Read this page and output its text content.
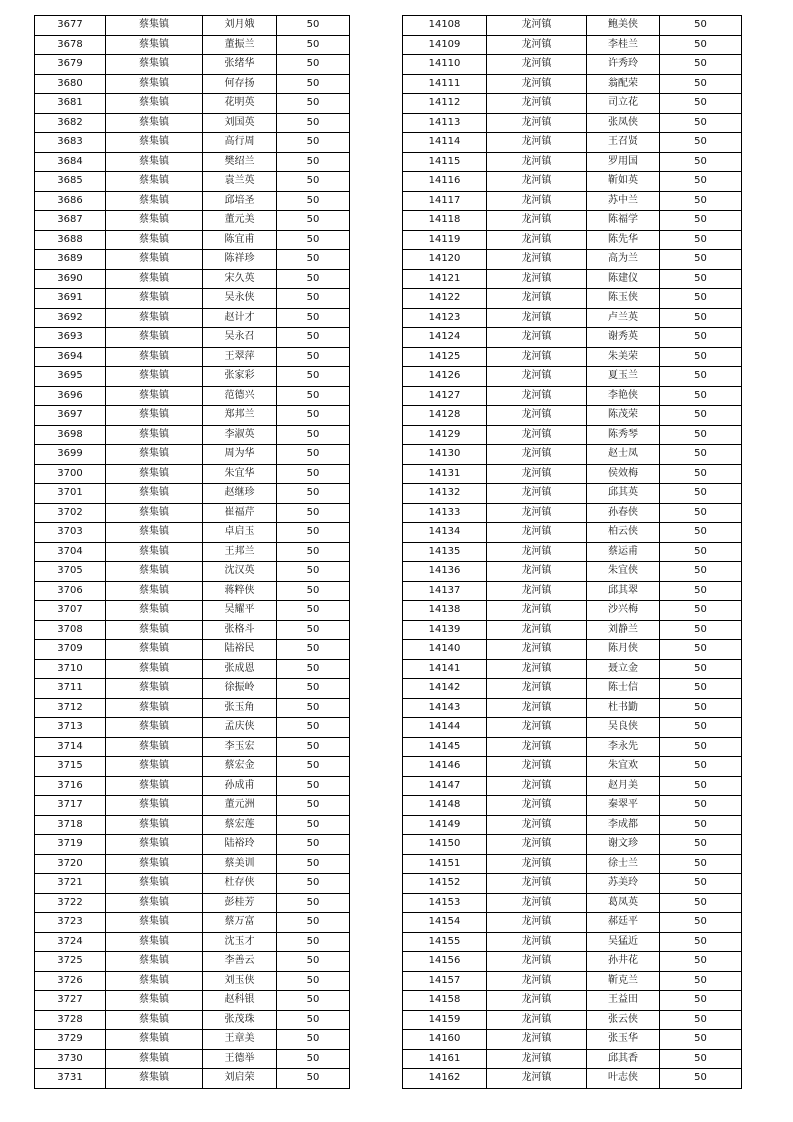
3677	蔡集镇	刘月娥	50
3678	蔡集镇	董振兰	50
3679	蔡集镇	张绪华	50
3680	蔡集镇	何存扬	50
3681	蔡集镇	花明英	50
3682	蔡集镇	刘国英	50
3683	蔡集镇	高行周	50
3684	蔡集镇	樊绍兰	50
3685	蔡集镇	袁兰英	50
3686	蔡集镇	邱培圣	50
3687	蔡集镇	董元美	50
3688	蔡集镇	陈宜甫	50
3689	蔡集镇	陈祥珍	50
3690	蔡集镇	宋久英	50
3691	蔡集镇	吴永侠	50
3692	蔡集镇	赵计才	50
3693	蔡集镇	吴永召	50
3694	蔡集镇	王翠萍	50
3695	蔡集镇	张家彩	50
3696	蔡集镇	范德兴	50
3697	蔡集镇	郑邦兰	50
3698	蔡集镇	李淑英	50
3699	蔡集镇	周为华	50
3700	蔡集镇	朱宜华	50
3701	蔡集镇	赵继珍	50
3702	蔡集镇	崔福芹	50
3703	蔡集镇	卓启玉	50
3704	蔡集镇	王邦兰	50
3705	蔡集镇	沈汉英	50
3706	蔡集镇	蒋粹侠	50
3707	蔡集镇	吴耀平	50
3708	蔡集镇	张格斗	50
3709	蔡集镇	陆裕民	50
3710	蔡集镇	张成恩	50
3711	蔡集镇	徐振岭	50
3712	蔡集镇	张玉角	50
3713	蔡集镇	孟庆侠	50
3714	蔡集镇	李玉宏	50
3715	蔡集镇	蔡宏金	50
3716	蔡集镇	孙成甫	50
3717	蔡集镇	董元洲	50
3718	蔡集镇	蔡宏莲	50
3719	蔡集镇	陆裕玲	50
3720	蔡集镇	蔡美训	50
3721	蔡集镇	杜存侠	50
3722	蔡集镇	彭桂芳	50
3723	蔡集镇	蔡万富	50
3724	蔡集镇	沈玉才	50
3725	蔡集镇	李善云	50
3726	蔡集镇	刘玉侠	50
3727	蔡集镇	赵科银	50
3728	蔡集镇	张茂珠	50
3729	蔡集镇	王章美	50
3730	蔡集镇	王德举	50
3731	蔡集镇	刘启荣	50
14108	龙河镇	鲍美侠	50
14109	龙河镇	李桂兰	50
14110	龙河镇	许秀玲	50
14111	龙河镇	翁配荣	50
14112	龙河镇	司立花	50
14113	龙河镇	张凤侠	50
14114	龙河镇	王召贤	50
14115	龙河镇	罗用国	50
14116	龙河镇	靳如英	50
14117	龙河镇	苏中兰	50
14118	龙河镇	陈福学	50
14119	龙河镇	陈先华	50
14120	龙河镇	高为兰	50
14121	龙河镇	陈建仪	50
14122	龙河镇	陈玉侠	50
14123	龙河镇	卢兰英	50
14124	龙河镇	谢秀英	50
14125	龙河镇	朱美荣	50
14126	龙河镇	夏玉兰	50
14127	龙河镇	李艳侠	50
14128	龙河镇	陈茂荣	50
14129	龙河镇	陈秀琴	50
14130	龙河镇	赵士凤	50
14131	龙河镇	侯效梅	50
14132	龙河镇	邱其英	50
14133	龙河镇	孙春侠	50
14134	龙河镇	柏云侠	50
14135	龙河镇	蔡运甫	50
14136	龙河镇	朱宜侠	50
14137	龙河镇	邱其翠	50
14138	龙河镇	沙兴梅	50
14139	龙河镇	刘静兰	50
14140	龙河镇	陈月侠	50
14141	龙河镇	聂立金	50
14142	龙河镇	陈士信	50
14143	龙河镇	杜书勤	50
14144	龙河镇	吴良侠	50
14145	龙河镇	李永先	50
14146	龙河镇	朱宜欢	50
14147	龙河镇	赵月美	50
14148	龙河镇	秦翠平	50
14149	龙河镇	李成都	50
14150	龙河镇	谢文珍	50
14151	龙河镇	徐士兰	50
14152	龙河镇	苏美玲	50
14153	龙河镇	葛凤英	50
14154	龙河镇	郝廷平	50
14155	龙河镇	吴猛近	50
14156	龙河镇	孙井花	50
14157	龙河镇	靳克兰	50
14158	龙河镇	王益田	50
14159	龙河镇	张云侠	50
14160	龙河镇	张玉华	50
14161	龙河镇	邱其香	50
14162	龙河镇	叶志侠	50
